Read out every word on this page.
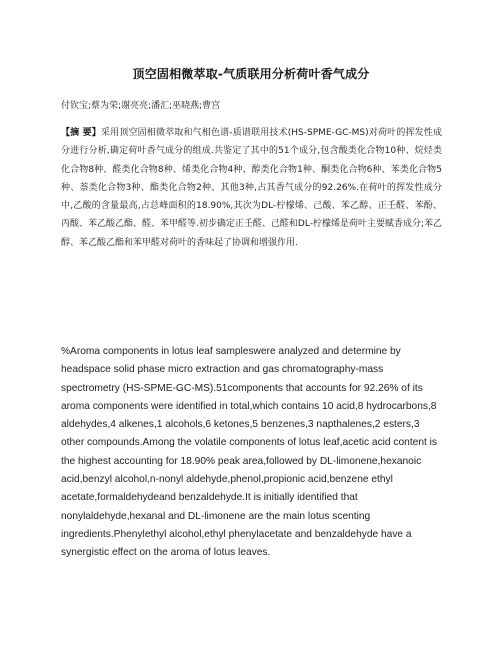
顶空固相微萃取-气质联用分析荷叶香气成分
付钦宝;蔡为荣;谢亮亮;潘汇;巫晓燕;曹宫

【摘 要】采用顶空固相微萃取和气相色谱-质谱联用技术(HS-SPME-GC-MS)对荷叶的挥发性成分进行分析,确定荷叶香气成分的组成.共鉴定了其中的51个成分,包含酸类化合物10种、烷烃类化合物8种、醛类化合物8种、烯类化合物4种、醇类化合物1种、酮类化合物6种、苯类化合物5种、萘类化合物3种、酯类化合物2种、其他3种,占其香气成分的92.26%.在荷叶的挥发性成分中,乙酸的含量最高,占总峰面积的18.90%,其次为DL-柠檬烯、己酸、苯乙醇、正壬醛、苯酚、丙酸、苯乙酸乙酯、醛、苯甲醛等.初步确定正壬醛、己醛和DL-柠檬烯是荷叶主要赋香成分;苯乙醇、苯乙酸乙酯和苯甲醛对荷叶的香味起了协调和增强作用.

%Aroma components in lotus leaf sampleswere analyzed and determine by headspace solid phase micro extraction and gas chromatography-mass spectrometry (HS-SPME-GC-MS).51components that accounts for 92.26% of its aroma components were identified in total,which contains 10 acid,8 hydrocarbons,8 aldehydes,4 alkenes,1 alcohols,6 ketones,5 benzenes,3 napthalenes,2 esters,3 other compounds.Among the volatile components of lotus leaf,acetic acid content is the highest accounting for 18.90% peak area,followed by DL-limonene,hexanoic acid,benzyl alcohol,n-nonyl aldehyde,phenol,propionic acid,benzene ethyl acetate,formaldehydeand benzaldehyde.It is initially identified that nonylaldehyde,hexanal and DL-limonene are the main lotus scenting ingredients.Phenylethyl alcohol,ethyl phenylacetate and benzaldehyde have a synergistic effect on the aroma of lotus leaves.
